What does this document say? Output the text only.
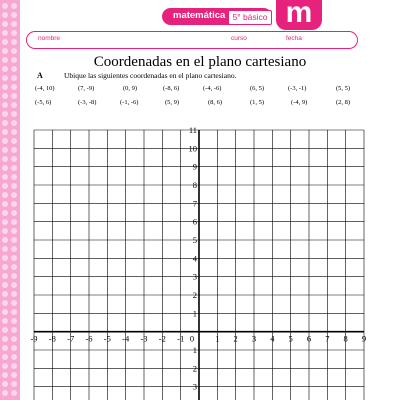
matemática 5° básico m
nombre	curso	fecha
Coordenadas en el plano cartesiano
A	Ubique las siguientes coordenadas en el plano cartesiano.
(-4, 10)	(7, -9)	(0, 9)	(-8, 6)	(-4, -6)	(6, 5)	(-3, -1)	(5, 5)
(-5, 6)	(-3, -8)	(-1, -6)	(5, 9)	(8, 6)	(1, 5)	(-4, 9)	(2, 8)
-9 -8 -7 -6 -5 -4 -3 -2 -1 0 1 2 3 4 5 6 7 8 9
11
10
9
8
7
6
5
4
3
2
1
1
2
3
